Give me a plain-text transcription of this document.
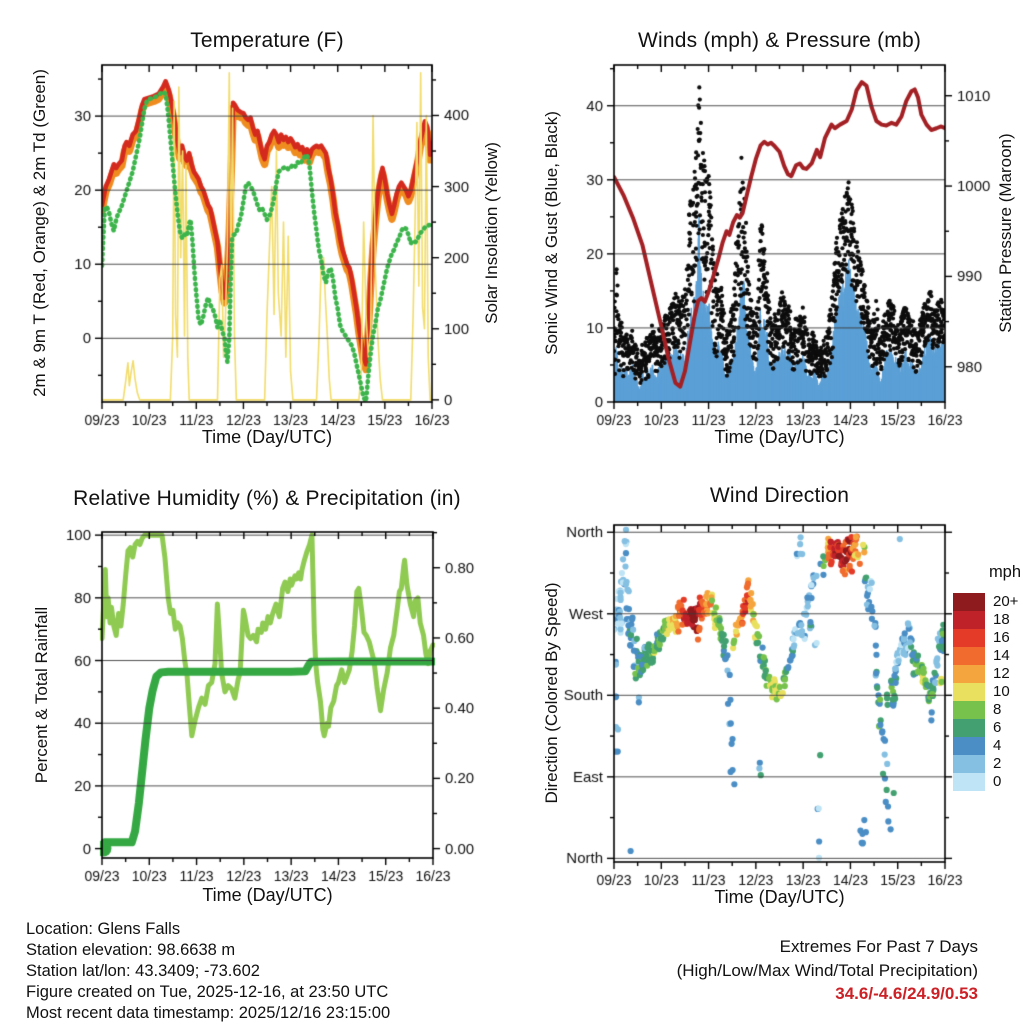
Temperature (F)	Winds (mph) & Pressure (mb)
Relative Humidity (%) & Precipitation (in)	Wind Direction
2m & 9m T (Red, Orange) & 2m Td (Green)	Solar Insolation (Yellow) Sonic Wind & Gust (Blue, Black)	Station Pressure (Maroon)
Percent & Total Rainfall	Direction (Colored By Speed)
Time (Day/UTC)	Time (Day/UTC)
Time (Day/UTC)	Time (Day/UTC)
mph
20+
18
16
14
12
10
8
6
4
2
0
Location: Glens Falls
Station elevation: 98.6638 m
Station lat/lon: 43.3409; -73.602
Figure created on Tue, 2025-12-16, at 23:50 UTC
Most recent data timestamp: 2025/12/16 23:15:00
Extremes For Past 7 Days
(High/Low/Max Wind/Total Precipitation)
34.6/-4.6/24.9/0.53
